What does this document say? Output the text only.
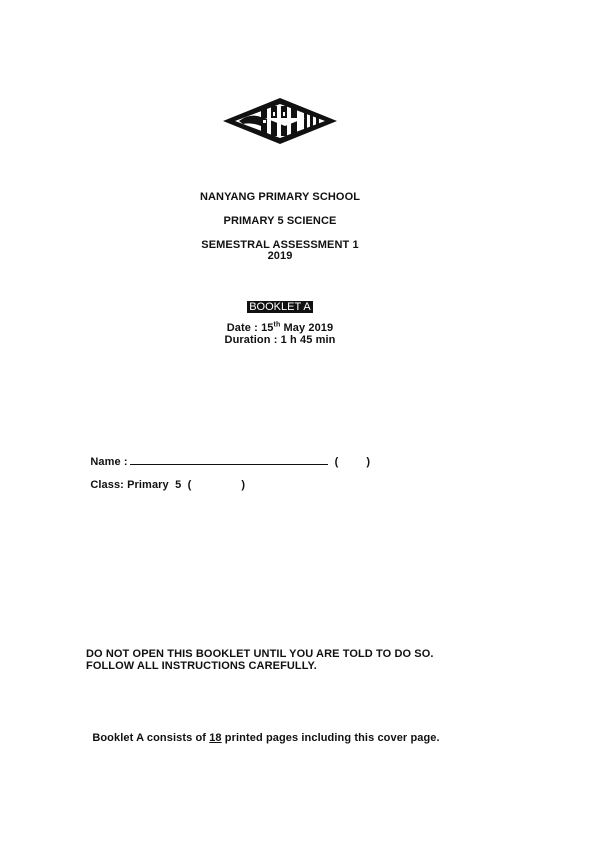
NANYANG PRIMARY SCHOOL
PRIMARY 5 SCIENCE
SEMESTRAL ASSESSMENT 1
2019
BOOKLET A
Date : 15th May 2019
Duration : 1 h 45 min

Name :	(	)

Class: Primary  5  (	)

DO NOT OPEN THIS BOOKLET UNTIL YOU ARE TOLD TO DO SO.
FOLLOW ALL INSTRUCTIONS CAREFULLY.

Booklet A consists of 18 printed pages including this cover page.
